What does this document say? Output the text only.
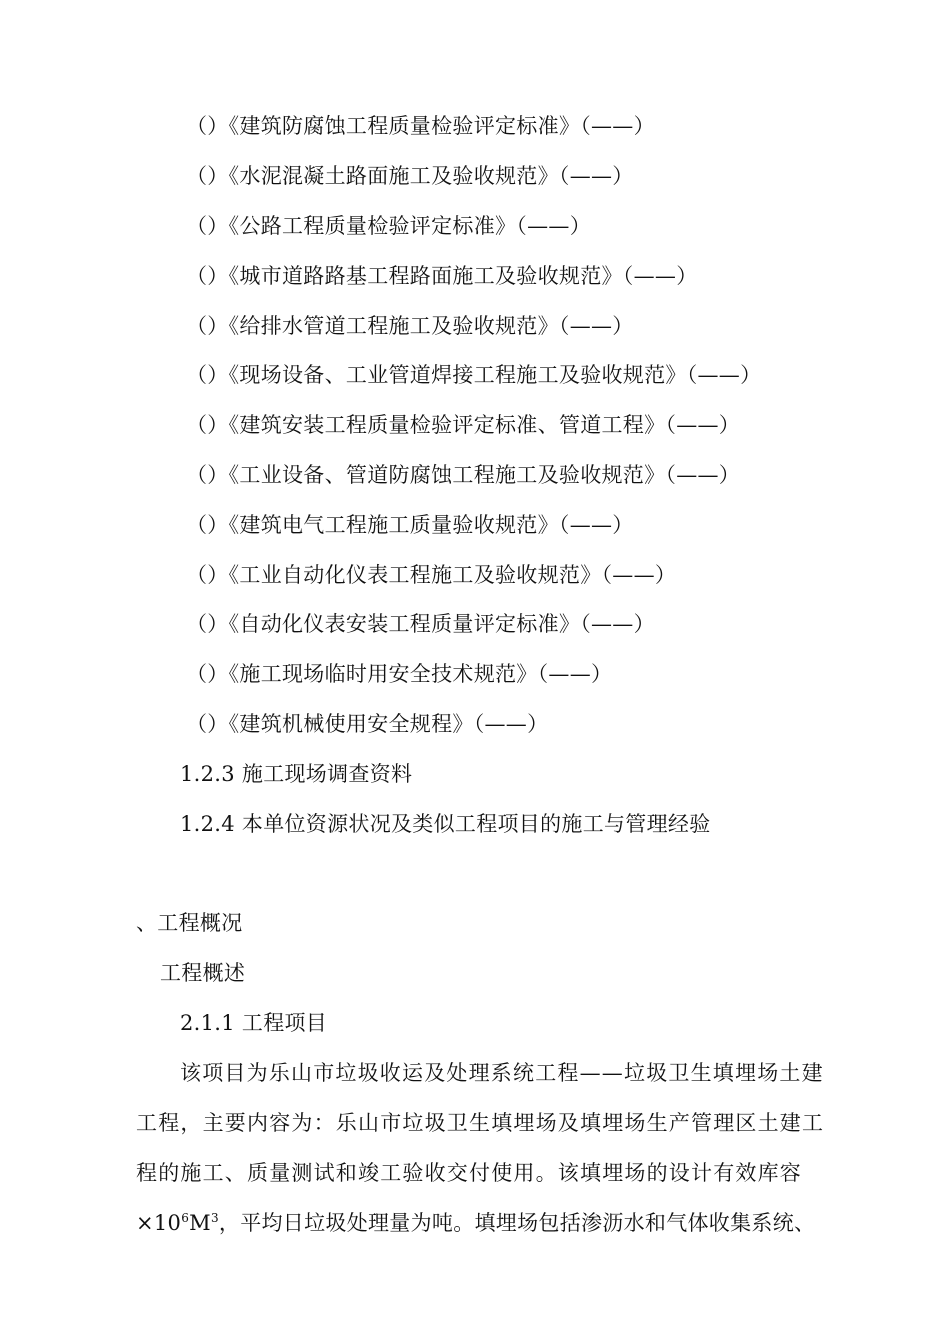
（）《建筑防腐蚀工程质量检验评定标准》（——）
（）《水泥混凝土路面施工及验收规范》（——）
（）《公路工程质量检验评定标准》（——）
（）《城市道路路基工程路面施工及验收规范》（——）
（）《给排水管道工程施工及验收规范》（——）
（）《现场设备、工业管道焊接工程施工及验收规范》（——）
（）《建筑安装工程质量检验评定标准、管道工程》（——）
（）《工业设备、管道防腐蚀工程施工及验收规范》（——）
（）《建筑电气工程施工质量验收规范》（——）
（）《工业自动化仪表工程施工及验收规范》（——）
（）《自动化仪表安装工程质量评定标准》（——）
（）《施工现场临时用安全技术规范》（——）
（）《建筑机械使用安全规程》（——）
1.2.3 施工现场调查资料
1.2.4 本单位资源状况及类似工程项目的施工与管理经验
、工程概况
工程概述
2.1.1 工程项目
该项目为乐山市垃圾收运及处理系统工程——垃圾卫生填埋场土建
工程，主要内容为：乐山市垃圾卫生填埋场及填埋场生产管理区土建工
程的施工、质量测试和竣工验收交付使用。该填埋场的设计有效库容
$\times 10^6M^3$，平均日垃圾处理量为吨。填埋场包括渗沥水和气体收集系统、
